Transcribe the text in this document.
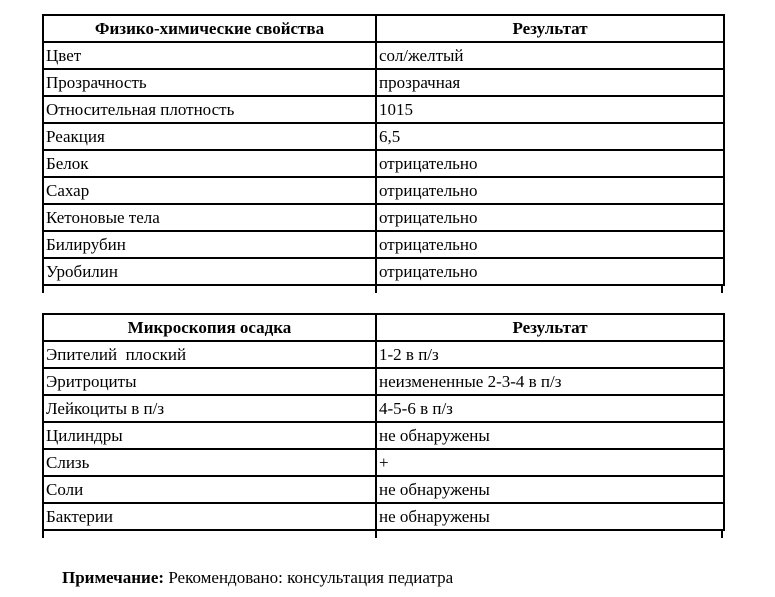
Физико-химические свойства	Результат
Цвет	сол/желтый
Прозрачность	прозрачная
Относительная плотность	1015
Реакция	6,5
Белок	отрицательно
Сахар	отрицательно
Кетоновые тела	отрицательно
Билирубин	отрицательно
Уробилин	отрицательно
Микроскопия осадка	Результат
Эпителий  плоский	1-2 в п/з
Эритроциты	неизмененные 2-3-4 в п/з
Лейкоциты в п/з	4-5-6 в п/з
Цилиндры	не обнаружены
Слизь	+
Соли	не обнаружены
Бактерии	не обнаружены

Примечание: Рекомендовано: консультация педиатра
